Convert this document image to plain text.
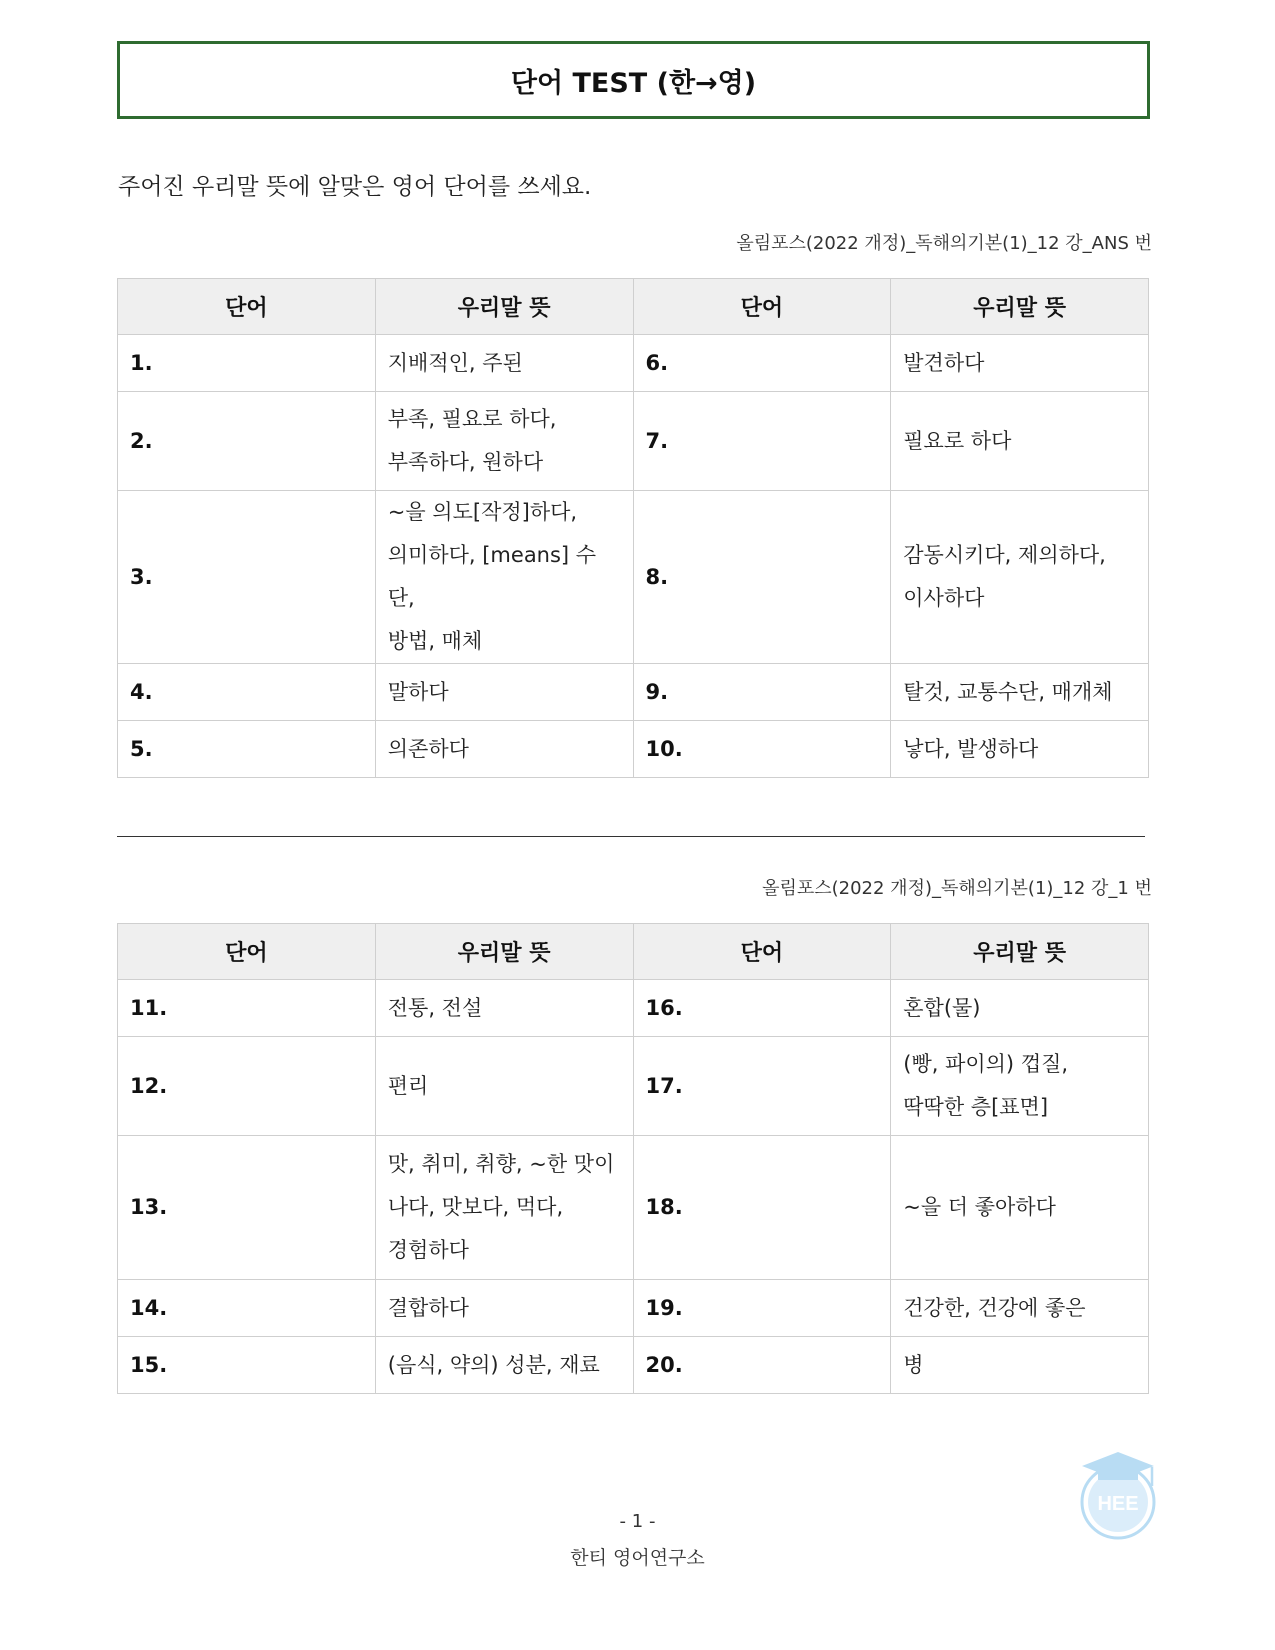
단어 TEST (한→영)
주어진 우리말 뜻에 알맞은 영어 단어를 쓰세요.
올림포스(2022 개정)_독해의기본(1)_12 강_ANS 번
단어	우리말 뜻	단어	우리말 뜻
1.	지배적인, 주된	6.	발견하다

2.	부족, 필요로 하다,
부족하다, 원하다	7.	필요로 하다

3.	~을 의도[작정]하다,
의미하다, [means] 수단,
방법, 매체	8.	감동시키다, 제의하다,
이사하다

4.	말하다	9.	탈것, 교통수단, 매개체

5.	의존하다	10.	낳다, 발생하다
올림포스(2022 개정)_독해의기본(1)_12 강_1 번
단어	우리말 뜻	단어	우리말 뜻
11.	전통, 전설	16.	혼합(물)

12.	편리	17.	(빵, 파이의) 껍질,
딱딱한 층[표면]

13.	맛, 취미, 취향, ~한 맛이
나다, 맛보다, 먹다,
경험하다	18.	~을 더 좋아하다

14.	결합하다	19.	건강한, 건강에 좋은

15.	(음식, 약의) 성분, 재료	20.	병
- 1 -
한티 영어연구소
HEE
